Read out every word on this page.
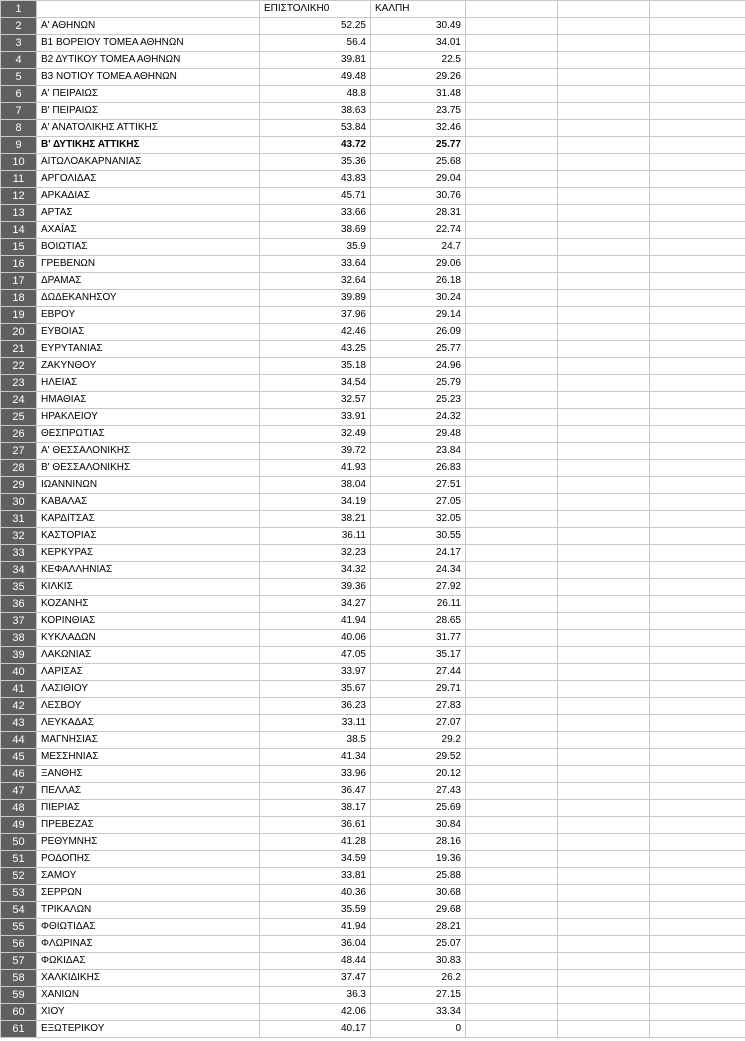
1		ΕΠΙΣΤΟΛΙΚΗ0	ΚΑΛΠΗ			
2	Α' ΑΘΗΝΩΝ	52.25	30.49			
3	Β1 ΒΟΡΕΙΟΥ ΤΟΜΕΑ ΑΘΗΝΩΝ	56.4	34.01			
4	Β2 ΔΥΤΙΚΟΥ ΤΟΜΕΑ ΑΘΗΝΩΝ	39.81	22.5			
5	Β3 ΝΟΤΙΟΥ ΤΟΜΕΑ ΑΘΗΝΩΝ	49.48	29.26			
6	Α' ΠΕΙΡΑΙΩΣ	48.8	31.48			
7	Β' ΠΕΙΡΑΙΩΣ	38.63	23.75			
8	Α' ΑΝΑΤΟΛΙΚΗΣ ΑΤΤΙΚΗΣ	53.84	32.46			
9	Β' ΔΥΤΙΚΗΣ ΑΤΤΙΚΗΣ	43.72	25.77			
10	ΑΙΤΩΛΟΑΚΑΡΝΑΝΙΑΣ	35.36	25.68			
11	ΑΡΓΟΛΙΔΑΣ	43.83	29.04			
12	ΑΡΚΑΔΙΑΣ	45.71	30.76			
13	ΑΡΤΑΣ	33.66	28.31			
14	ΑΧΑΪΑΣ	38.69	22.74			
15	ΒΟΙΩΤΙΑΣ	35.9	24.7			
16	ΓΡΕΒΕΝΩΝ	33.64	29.06			
17	ΔΡΑΜΑΣ	32.64	26.18			
18	ΔΩΔΕΚΑΝΗΣΟΥ	39.89	30.24			
19	ΕΒΡΟΥ	37.96	29.14			
20	ΕΥΒΟΙΑΣ	42.46	26.09			
21	ΕΥΡΥΤΑΝΙΑΣ	43.25	25.77			
22	ΖΑΚΥΝΘΟΥ	35.18	24.96			
23	ΗΛΕΙΑΣ	34.54	25.79			
24	ΗΜΑΘΙΑΣ	32.57	25.23			
25	ΗΡΑΚΛΕΙΟΥ	33.91	24.32			
26	ΘΕΣΠΡΩΤΙΑΣ	32.49	29.48			
27	Α' ΘΕΣΣΑΛΟΝΙΚΗΣ	39.72	23.84			
28	Β' ΘΕΣΣΑΛΟΝΙΚΗΣ	41.93	26.83			
29	ΙΩΑΝΝΙΝΩΝ	38.04	27.51			
30	ΚΑΒΑΛΑΣ	34.19	27.05			
31	ΚΑΡΔΙΤΣΑΣ	38.21	32.05			
32	ΚΑΣΤΟΡΙΑΣ	36.11	30.55			
33	ΚΕΡΚΥΡΑΣ	32.23	24.17			
34	ΚΕΦΑΛΛΗΝΙΑΣ	34.32	24.34			
35	ΚΙΛΚΙΣ	39.36	27.92			
36	ΚΟΖΑΝΗΣ	34.27	26.11			
37	ΚΟΡΙΝΘΙΑΣ	41.94	28.65			
38	ΚΥΚΛΑΔΩΝ	40.06	31.77			
39	ΛΑΚΩΝΙΑΣ	47.05	35.17			
40	ΛΑΡΙΣΑΣ	33.97	27.44			
41	ΛΑΣΙΘΙΟΥ	35.67	29.71			
42	ΛΕΣΒΟΥ	36.23	27.83			
43	ΛΕΥΚΑΔΑΣ	33.11	27.07			
44	ΜΑΓΝΗΣΙΑΣ	38.5	29.2			
45	ΜΕΣΣΗΝΙΑΣ	41.34	29.52			
46	ΞΑΝΘΗΣ	33.96	20.12			
47	ΠΕΛΛΑΣ	36.47	27.43			
48	ΠΙΕΡΙΑΣ	38.17	25.69			
49	ΠΡΕΒΕΖΑΣ	36.61	30.84			
50	ΡΕΘΥΜΝΗΣ	41.28	28.16			
51	ΡΟΔΟΠΗΣ	34.59	19.36			
52	ΣΑΜΟΥ	33.81	25.88			
53	ΣΕΡΡΩΝ	40.36	30.68			
54	ΤΡΙΚΑΛΩΝ	35.59	29.68			
55	ΦΘΙΩΤΙΔΑΣ	41.94	28.21			
56	ΦΛΩΡΙΝΑΣ	36.04	25.07			
57	ΦΩΚΙΔΑΣ	48.44	30.83			
58	ΧΑΛΚΙΔΙΚΗΣ	37.47	26.2			
59	ΧΑΝΙΩΝ	36.3	27.15			
60	ΧΙΟΥ	42.06	33.34			
61	ΕΞΩΤΕΡΙΚΟΥ	40.17	0			
